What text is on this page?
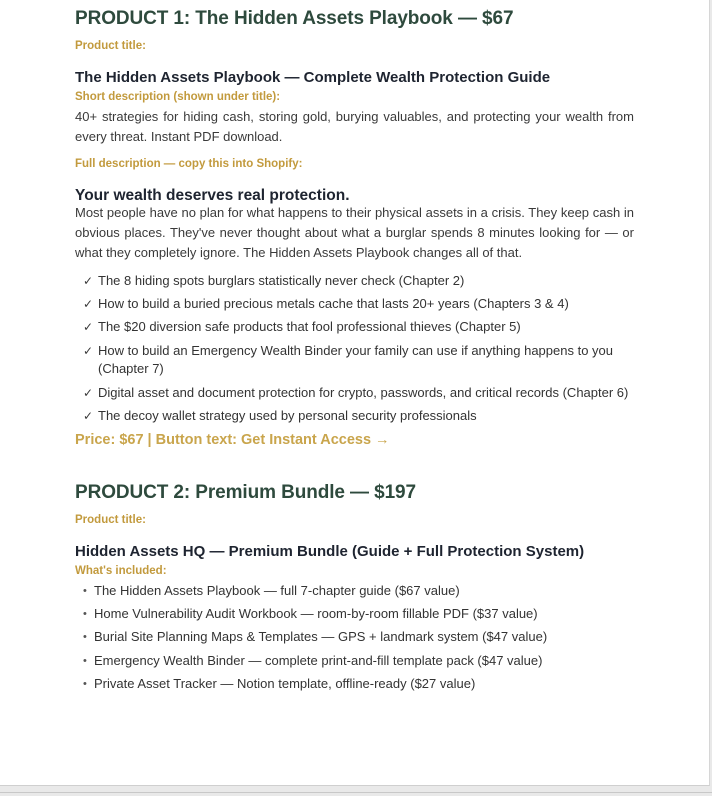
PRODUCT 1: The Hidden Assets Playbook — $67
Product title:
The Hidden Assets Playbook — Complete Wealth Protection Guide
Short description (shown under title):

40+ strategies for hiding cash, storing gold, burying valuables, and protecting your wealth from every threat. Instant PDF download.

Full description — copy this into Shopify:
Your wealth deserves real protection.

Most people have no plan for what happens to their physical assets in a crisis. They keep cash in obvious places. They've never thought about what a burglar spends 8 minutes looking for — or what they completely ignore. The Hidden Assets Playbook changes all of that.

✓ The 8 hiding spots burglars statistically never check (Chapter 2)
✓ How to build a buried precious metals cache that lasts 20+ years (Chapters 3 & 4)
✓ The $20 diversion safe products that fool professional thieves (Chapter 5)
✓ How to build an Emergency Wealth Binder your family can use if anything happens to you (Chapter 7)
✓ Digital asset and document protection for crypto, passwords, and critical records (Chapter 6)
✓ The decoy wallet strategy used by personal security professionals

Price: $67 | Button text: Get Instant Access →

PRODUCT 2: Premium Bundle — $197
Product title:
Hidden Assets HQ — Premium Bundle (Guide + Full Protection System)
What's included:
• The Hidden Assets Playbook — full 7-chapter guide ($67 value)
• Home Vulnerability Audit Workbook — room-by-room fillable PDF ($37 value)
• Burial Site Planning Maps & Templates — GPS + landmark system ($47 value)
• Emergency Wealth Binder — complete print-and-fill template pack ($47 value)
• Private Asset Tracker — Notion template, offline-ready ($27 value)
